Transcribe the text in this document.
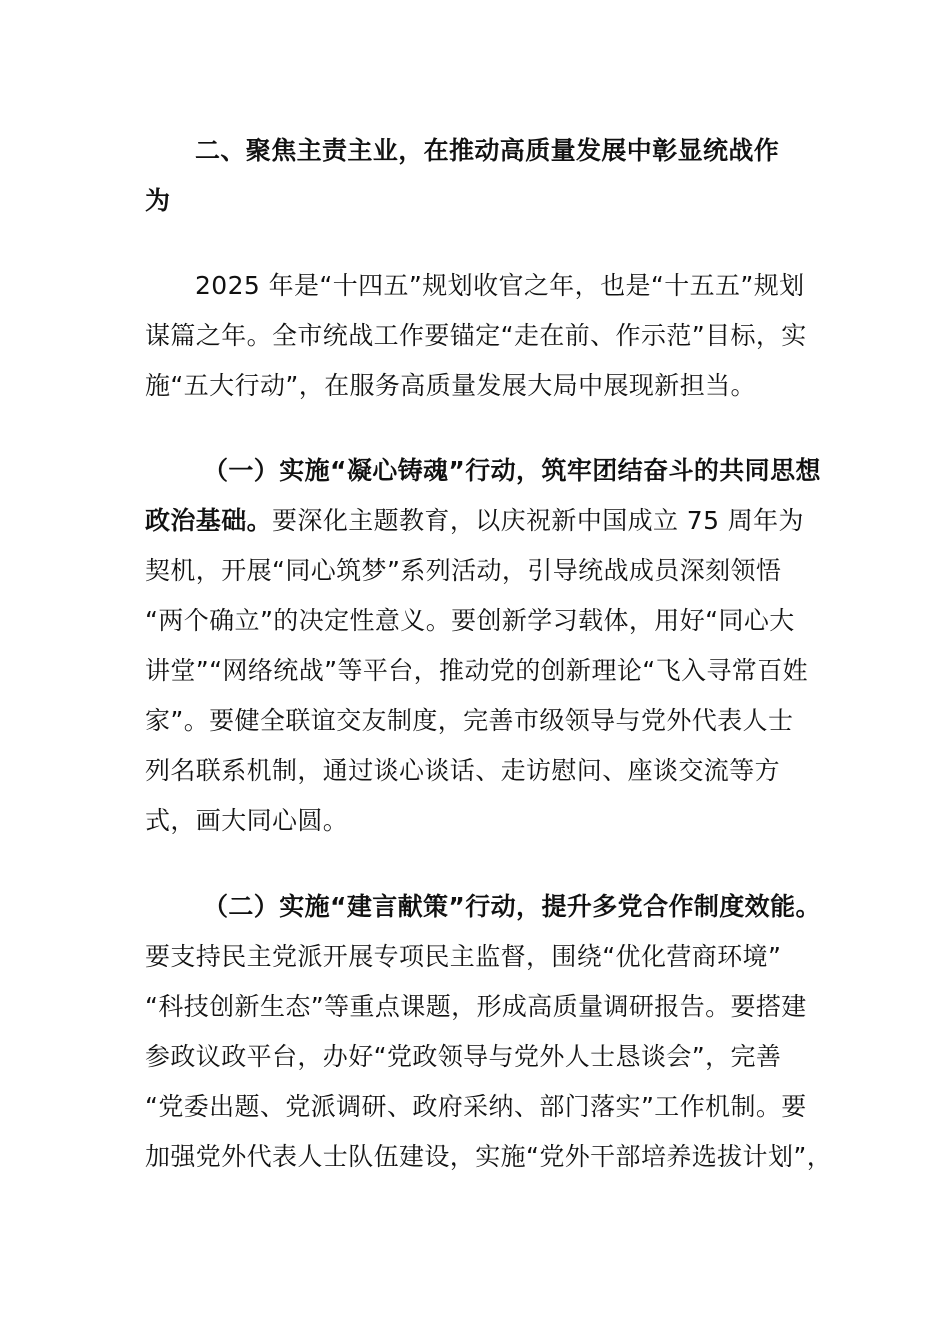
二、聚焦主责主业，在推动高质量发展中彰显统战作
为
2025 年是“十四五”规划收官之年，也是“十五五”规划
谋篇之年。全市统战工作要锚定“走在前、作示范”目标，实
施“五大行动”，在服务高质量发展大局中展现新担当。
（一）实施“凝心铸魂”行动，筑牢团结奋斗的共同思想
政治基础。要深化主题教育，以庆祝新中国成立 75 周年为
契机，开展“同心筑梦”系列活动，引导统战成员深刻领悟
“两个确立”的决定性意义。要创新学习载体，用好“同心大
讲堂”“网络统战”等平台，推动党的创新理论“飞入寻常百姓
家”。要健全联谊交友制度，完善市级领导与党外代表人士
列名联系机制，通过谈心谈话、走访慰问、座谈交流等方
式，画大同心圆。
（二）实施“建言献策”行动，提升多党合作制度效能。
要支持民主党派开展专项民主监督，围绕“优化营商环境”
“科技创新生态”等重点课题，形成高质量调研报告。要搭建
参政议政平台，办好“党政领导与党外人士恳谈会”，完善
“党委出题、党派调研、政府采纳、部门落实”工作机制。要
加强党外代表人士队伍建设，实施“党外干部培养选拔计划”，
